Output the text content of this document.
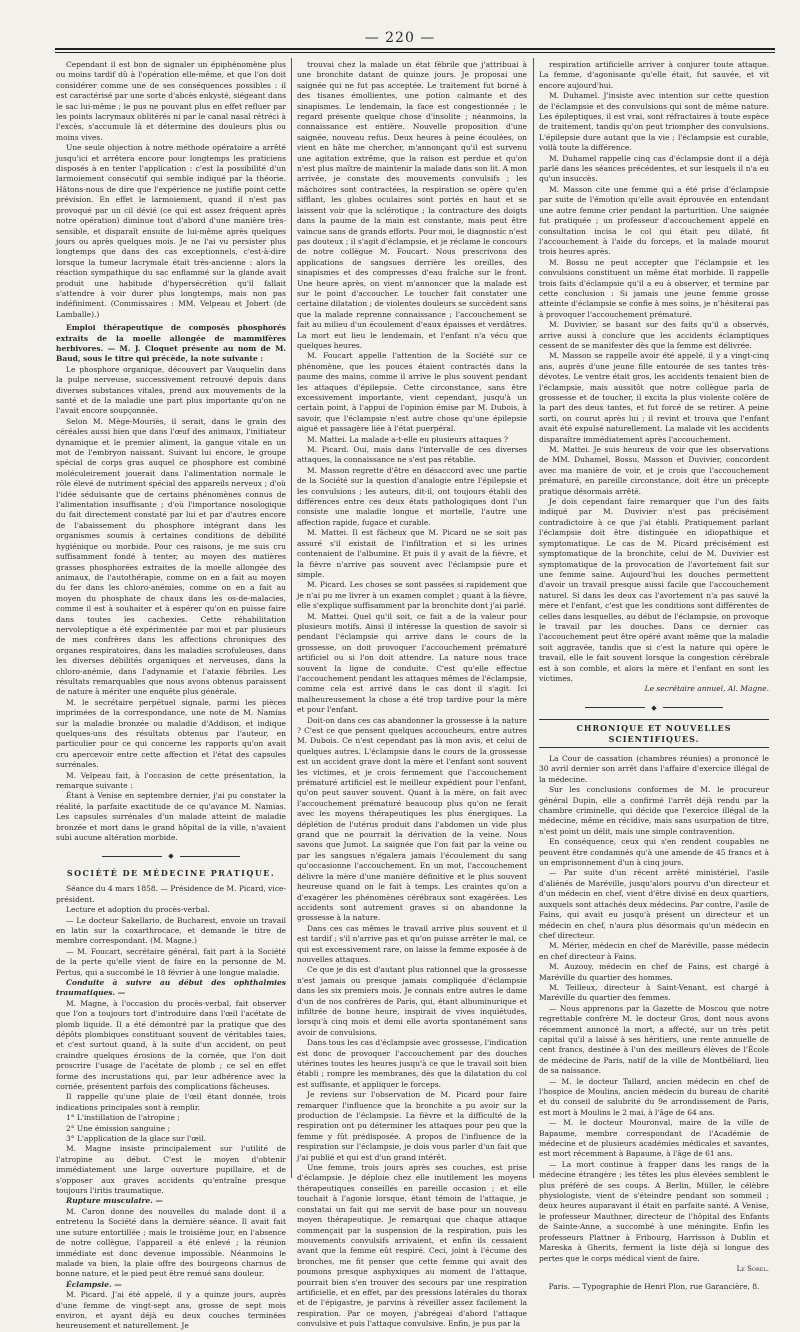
— 220 —

Cependant il est bon de signaler un épiphénomène plus ou moins tardif dû à l'opération elle-même, et que l'on doit considérer comme une de ses conséquences possibles : il est caractérisé par une sorte d'abcès enkysté, siégeant dans le sac lui-même ; le pus ne pouvant plus en effet refluer par les points lacrymaux oblitérés ni par le canal nasal rétréci à l'excès, s'accumule là et détermine des douleurs plus ou moins vives.

Une seule objection à notre méthode opératoire a arrêté jusqu'ici et arrêtera encore pour longtemps les praticiens disposés à en tenter l'application : c'est la possibilité d'un larmoiement consécutif qui semble indiqué par la théorie. Hâtons-nous de dire que l'expérience ne justifie point cette prévision. En effet le larmoiement, quand il n'est pas provoqué par un cil dévié (ce qui est assez fréquent après notre opération) diminue tout d'abord d'une manière très-sensible, et disparaît ensuite de lui-même après quelques jours ou après quelques mois. Je ne l'ai vu persister plus longtemps que dans des cas exceptionnels, c'est-à-dire lorsque la tumeur lacrymale était très-ancienne : alors la réaction sympathique du sac enflammé sur la glande avait produit une habitude d'hypersécrétion qu'il fallait s'attendre à voir durer plus longtemps, mais non pas indéfiniment. (Commissaires : MM. Velpeau et Jobert (de Lamballe).)

Emploi thérapeutique de composés phosphorés extraits de la moelle allongée de mammifères herbivores. — M. J. Cloquet présente au nom de M. Baud, sous le titre qui précède, la note suivante :

Le phosphore organique, découvert par Vauquelin dans la pulpe nerveuse, successivement retrouvé depuis dans diverses substances vitales, prend aux mouvements de la santé et de la maladie une part plus importante qu'on ne l'avait encore soupçonnée.

Selon M. Mège-Mouriès, il serait, dans le grain des céréales aussi bien que dans l'œuf des animaux, l'initiateur dynamique et le premier aliment, la gangue vitale en un mot de l'embryon naissant. Suivant lui encore, le groupe spécial de corps gras auquel ce phosphore est combiné moléculeirement jouerait dans l'alimentation normale le rôle élevé de nutriment spécial des appareils nerveux ; d'où l'idée séduisante que de certains phénomènes connus de l'alimentation insuffisante ; d'où l'importance nosologique du fait directement constaté par lui et par d'autres encore de l'abaissement du phosphore intégrant dans les organismes soumis à certaines conditions de débilité hygiénique ou morbide. Pour ces raisons, je me suis cru suffisamment fondé à tenter, au moyen des matières grasses phosphorées extraites de la moelle allongée des animaux, de l'autothérapie, comme on en a fait au moyen du fer dans les chloro-anémies, comme on en a fait au moyen du phosphate de chaux dans les os-de-malacies, comme il est à souhaiter et à espérer qu'on en puisse faire dans toutes les cachexies. Cette réhabilitation nervoleptique a été expérimentée par moi et par plusieurs de mes confrères dans les affections chroniques des organes respiratoires, dans les maladies scrofuleuses, dans les diverses débilités organiques et nerveuses, dans la chloro-anémie, dans l'adynamie et l'ataxie fébriles. Les résultats remarquables que nous avons obtenus paraissent de nature à mériter une enquête plus générale.

M. le secrétaire perpétuel signale, parmi les pièces imprimées de la correspondance, une note de M. Namias sur la maladie bronzée ou maladie d'Addison, et indique quelques-uns des résultats obtenus par l'auteur, en particulier pour ce qui concerne les rapports qu'on avait cru apercevoir entre cette affection et l'état des capsules surrénales.

M. Velpeau fait, à l'occasion de cette présentation, la remarque suivante :

Étant à Venise en septembre dernier, j'ai pu constater la réalité, la parfaite exactitude de ce qu'avance M. Namias. Les capsules surrénales d'un malade atteint de maladie bronzée et mort dans le grand hôpital de la ville, n'avaient subi aucune altération morbide.

◆

SOCIÉTÉ DE MÉDECINE PRATIQUE.

Séance du 4 mars 1858. — Présidence de M. Picard, vice-président.

Lecture et adoption du procès-verbal.

— Le docteur Sakellario, de Bucharest, envoie un travail en latin sur la coxarthrocace, et demande le titre de membre correspondant. (M. Magne.)

— M. Foucart, secrétaire général, fait part à la Société de la perte qu'elle vient de faire en la personne de M. Pertus, qui a succombé le 18 février à une longue maladie.

Conduite à suivre au début des ophthalmies traumatiques. —

M. Magne, à l'occasion du procès-verbal, fait observer que l'on a toujours tort d'introduire dans l'œil l'acétate de plomb liquide. Il a été démontré par la pratique que des dépôts plombiques constituant souvent de véritables taies, et c'est surtout quand, à la suite d'un accident, on peut craindre quelques érosions de la cornée, que l'on doit proscrire l'usage de l'acétate de plomb ; ce sel en effet forme des incrustations qui, par leur adhérence avec la cornée, présentent parfois des complications fâcheuses.

Il rappelle qu'une plaie de l'œil étant donnée, trois indications principales sont à remplir.

1° L'instillation de l'atropine ;

2° Une émission sanguine ;

3° L'application de la glace sur l'œil.

M. Magne insiste principalement sur l'utilité de l'atropine au début. C'est le moyen d'obtenir immédiatement une large ouverture pupillaire, et de s'opposer aux graves accidents qu'entraîne presque toujours l'iritis traumatique.

Rupture musculaire. —

M. Caron donne des nouvelles du malade dont il a entretenu la Société dans la dernière séance. Il avait fait une suture entortillée ; mais le troisième jour, en l'absence de notre collègue, l'appareil a été enlevé ; la réunion immédiate est donc devenue impossible. Néanmoins le malade va bien, la plaie offre des bourgeons charnus de bonne nature, et le pied peut être remué sans douleur.

Éclampsie. —

M. Picard. J'ai été appelé, il y a quinze jours, auprès d'une femme de vingt-sept ans, grosse de sept mois environ, et ayant déjà eu deux couches terminées heureusement et naturellement. Je

trouvai chez la malade un état fébrile que j'attribuai à une bronchite datant de quinze jours. Je proposai une saignée qui ne fut pas acceptée. Le traitement fut borné à des tisanes émollientes, une potion calmante et des sinapismes. Le lendemain, la face est congestionnée ; le regard présente quelque chose d'insolite ; néanmoins, la connaissance est entière. Nouvelle proposition d'une saignée, nouveau refus. Deux heures à peine écoulées, on vient en hâte me chercher, m'annonçant qu'il est survenu une agitation extrême, que la raison est perdue et qu'on n'est plus maître de maintenir la malade dans son lit. A mon arrivée, je constate des mouvements convulsifs ; les mâchoires sont contractées, la respiration se opère qu'en sifflant, les globes oculaires sont portés en haut et se laissent voir que la sclérotique ; la contracture des doigts dans la paume de la main est constante, mais peut être vaincue sans de grands efforts. Pour moi, le diagnostic n'est pas douteux ; il s'agit d'éclampsie, et je réclame le concours de notre collègue M. Foucart. Nous prescrivons des applications de sangsues derrière les oreilles, des sinapismes et des compresses d'eau fraîche sur le front. Une heure après, on vient m'annoncer que la malade est sur le point d'accoucher. Le toucher fait constater une certaine dilatation ; de violentes douleurs se succèdent sans que la malade reprenne connaissance ; l'accouchement se fait au milieu d'un écoulement d'eaux épaisses et verdâtres. La mort eut lieu le lendemain, et l'enfant n'a vécu que quelques heures.

M. Foucart appelle l'attention de la Société sur ce phénomène, que les pouces étaient contractés dans la paume des mains, comme il arrive le plus souvent pendant les attaques d'épilepsie. Cette circonstance, sans être excessivement importante, vient cependant, jusqu'à un certain point, à l'appui de l'opinion émise par M. Dubois, à savoir, que l'éclampsie n'est autre chose qu'une épilepsie aiguë et passagère liée à l'état puerpéral.

M. Mattei. La malade a-t-elle eu plusieurs attaques ?

M. Picard. Oui, mais dans l'intervalle de ces diverses attaques, la connaissance ne s'est pas rétablie.

M. Masson regrette d'être en désaccord avec une partie de la Société sur la question d'analogie entre l'épilepsie et les convulsions ; les auteurs, dit-il, ont toujours établi des différences entre ces deux états pathologiques dont l'un consiste une maladie longue et mortelle, l'autre une affection rapide, fugace et curable.

M. Mattei. Il est fâcheux que M. Picard ne se soit pas assuré s'il existait de l'infiltration et si les urines contenaient de l'albumine. Et puis il y avait de la fièvre, et la fièvre n'arrive pas souvent avec l'éclampsie pure et simple.

M. Picard. Les choses se sont passées si rapidement que je n'ai pu me livrer à un examen complet ; quant à la fièvre, elle s'explique suffisamment par la bronchite dont j'ai parlé.

M. Mattei. Quel qu'il soit, ce fait a de la valeur pour plusieurs motifs. Ainsi il intéresse la question de savoir si pendant l'éclampsie qui arrive dans le cours de la grossesse, on doit provoquer l'accouchement prématuré artificiel ou si l'on doit attendre. La nature nous trace souvent la ligne de conduite. C'est qu'elle effectue l'accouchement pendant les attaques mêmes de l'éclampsie, comme cela est arrivé dans le cas dont il s'agit. Ici malheureusement la chose a été trop tardive pour la mère et pour l'enfant.

Doit-on dans ces cas abandonner la grossesse à la nature ? C'est ce que pensent quelques accoucheurs, entre autres M. Dubois. Ce n'est cependant pas là mon avis, et celui de quelques autres. L'éclampsie dans le cours de la grossesse est un accident grave dont la mère et l'enfant sont souvent les victimes, et je crois fermement que l'accouchement prématuré artificiel est le meilleur expédient pour l'enfant, qu'on peut sauver souvent. Quant à la mère, on fait avec l'accouchement prématuré beaucoup plus qu'on ne ferait avec les moyens thérapeutiques les plus énergiques. La déplétion de l'utérus produit dans l'abdomen un vide plus grand que ne pourrait la dérivation de la veine. Nous savons que Jumot. La saignée que l'on fait par la veine ou par les sangsues n'égalera jamais l'écoulement du sang qu'occasionne l'accouchement. En un mot, l'accouchement délivre la mère d'une manière définitive et le plus souvent heureuse quand on le fait à temps. Les craintes qu'on a d'exagérer les phénomènes cérébraux sont exagérées. Les accidents sont autrement graves si on abandonne la grossesse à la nature.

Dans ces cas mêmes le travail arrive plus souvent et il est tardif ; s'il n'arrive pas et qu'on puisse arrêter le mal, ce qui est excessivement rare, on laisse la femme exposée à de nouvelles attaques.

Ce que je dis est d'autant plus rationnel que la grossesse n'est jamais ou presque jamais compliquée d'éclampsie dans les six premiers mois. Je connais entre autres le dame d'un de nos confrères de Paris, qui, étant albuminurique et infiltrée de bonne heure, inspirait de vives inquiétudes, lorsqu'à cinq mois et demi elle avorta spontanément sans avoir de convulsions.

Dans tous les cas d'éclampsie avec grossesse, l'indication est donc de provoquer l'accouchement par des douches utérines toutes les heures jusqu'à ce que le travail soit bien établi ; rompre les membranes, dès que la dilatation du col est suffisante, et appliquer le forceps.

Je reviens sur l'observation de M. Picard pour faire remarquer l'influence que la bronchite a pu avoir sur la production de l'éclampsie. La fièvre et la difficulté de la respiration ont pu déterminer les attaques pour peu que la femme y fût prédisposée. A propos de l'influence de la respiration sur l'éclampsie, je dois vous parler d'un fait que j'ai publié et qui est d'un grand intérêt.

Une femme, trois jours après ses couches, est prise d'éclampsie. Je déploie chez elle inutilement les moyens thérapeutiques conseillés en pareille occasion ; et elle touchait à l'agonie lorsque, étant témoin de l'attaque, je constatai un fait qui me servit de base pour un nouveau moyen thérapeutique. Je remarquai que chaque attaque commençait par la suspension de la respiration, puis les mouvements convulsifs arrivaient, et enfin ils cessaient avant que la femme eût respiré. Ceci, joint à l'écume des bronches, me fit penser que cette femme qui avait des poumons presque asphyxiques au moment de l'attaque, pourrait bien s'en trouver des secours par une respiration artificielle, et en effet, par des pressions latérales du thorax et de l'épigastre, je parvins à réveiller assez facilement la respiration. Par ce moyen, j'abrégeai d'abord l'attaque convulsive et puis l'attaque convulsive. Enfin, je pus par la

respiration artificielle arriver à conjurer toute attaque. La femme, d'agonisante qu'elle était, fut sauvée, et vit encore aujourd'hui.

M. Duhamel. J'insiste avec intention sur cette question de l'éclampsie et des convulsions qui sont de même nature. Les épileptiques, il est vrai, sont réfractaires à toute espèce de traitement, tandis qu'on peut triompher des convulsions. L'épilepsie dure autant que la vie ; l'éclampsie est curable, voilà toute la différence.

M. Duhamel rappelle cinq cas d'éclampsie dont il a déjà parlé dans les séances précédentes, et sur lesquels il n'a eu qu'un insuccès.

M. Masson cite une femme qui a été prise d'éclampsie par suite de l'émotion qu'elle avait éprouvée en entendant une autre femme crier pendant la parturition. Une saignée fut pratiquée ; un professeur d'accouchement appelé en consultation incisa le col qui était peu dilaté, fit l'accouchement à l'aide du forceps, et la malade mourut trois heures après.

M. Bossu ne peut accepter que l'éclampsie et les convulsions constituent un même état morbide. Il rappelle trois faits d'éclampsie qu'il a eu à observer, et termine par cette conclusion : Si jamais une jeune femme grosse atteinte d'éclampsie se confie à mes soins, je n'hésiterai pas à provoquer l'accouchement prématuré.

M. Duvivier, se basant sur des faits qu'il a observés, arrive aussi à conclure que les accidents éclamptiques cessent de se manifester dès que la femme est délivrée.

M. Masson se rappelle avoir été appelé, il y a vingt-cinq ans, auprès d'une jeune fille entourée de ses tantes très-dévotes. Le ventre était gros, les accidents tenaient bien de l'éclampsie, mais aussitôt que notre collègue parla de grossesse et de toucher, il excita la plus violente colère de la part des deux tantes, et fut forcé de se retirer. A peine sorti, on courut après lui ; il revint et trouva que l'enfant avait été expulsé naturellement. La malade vit les accidents disparaître immédiatement après l'accouchement.

M. Mattei. Je suis heureux de voir que les observations de MM. Duhamel, Bossu, Masson et Duvivier, concordent avec ma manière de voir, et je crois que l'accouchement prématuré, en pareille circonstance, doit être un précepte pratique désormais arrêté.

Je dois cependant faire remarquer que l'un des faits indiqué par M. Duvivier n'est pas précisément contradictoire à ce que j'ai établi. Pratiquement parlant l'éclampsie doit être distinguée en idiopathique et symptomatique. Le cas de M. Picard précisément est symptomatique de la bronchite, celui de M. Duvivier est symptomatique de la provocation de l'avortement fait sur une femme saine. Aujourd'hui les douches permettent d'avoir un travail presque aussi facile que l'accouchement naturel. Si dans les deux cas l'avortement n'a pas sauvé la mère et l'enfant, c'est que les conditions sont différentes de celles dans lesquelles, au début de l'éclampsie, on provoque le travail par les douches. Dans ce dernier cas l'accouchement peut être opéré avant même que la maladie soit aggravée, tandis que si c'est la nature qui opère le travail, elle le fait souvent lorsque la congestion cérébrale est à son comble, et alors la mère et l'enfant en sont les victimes.

Le secrétaire annuel, Al. Magne.

◆

CHRONIQUE ET NOUVELLES SCIENTIFIQUES.

La Cour de cassation (chambres réunies) a prononcé le 30 avril dernier son arrêt dans l'affaire d'exercice illégal de la médecine.

Sur les conclusions conformes de M. le procureur général Dupin, elle a confirmé l'arrêt déjà rendu par la chambre criminelle, qui décide que l'exercice illégal de la médecine, même en récidive, mais sans usurpation de titre, n'est point un délit, mais une simple contravention.

En conséquence, ceux qui s'en rendent coupables ne peuvent être condamnés qu'à une amende de 45 francs et à un emprisonnement d'un à cinq jours.

— Par suite d'un récent arrêté ministériel, l'asile d'aliénés de Maréville, jusqu'alors pourvu d'un directeur et d'un médecin en chef, vient d'être divisé en deux quartiers, auxquels sont attachés deux médecins. Par contre, l'asile de Fains, qui avait eu jusqu'à présent un directeur et un médecin en chef, n'aura plus désormais qu'un médecin en chef directeur.

M. Mérier, médecin en chef de Maréville, passe médecin en chef directeur à Fains.

M. Auzouy, médecin en chef de Fains, est chargé à Maréville du quartier des hommes.

M. Teilleux, directeur à Saint-Venant, est chargé à Maréville du quartier des femmes.

— Nous apprenons par la Gazette de Moscou que notre regrettable confrère M. le docteur Gros, dont nous avons récemment annoncé la mort, a affecté, sur un très petit capital qu'il a laissé à ses héritiers, une rente annuelle de cent francs, destinée à l'un des meilleurs élèves de l'École de médecine de Paris, natif de la ville de Montbéliard, lieu de sa naissance.

— M. le docteur Tallard, ancien médecin en chef de l'hospice de Moulins, ancien médecin du bureau de charité et du conseil de salubrité du 9e arrondissement de Paris, est mort à Moulins le 2 mai, à l'âge de 64 ans.

— M. le docteur Mouronval, maire de la ville de Bapaume, membre correspondant de l'Académie de médecine et de plusieurs académies médicales et savantes, est mort récemment à Bapaume, à l'âge de 61 ans.

— La mort continue à frapper dans les rangs de la médecine étrangère ; les têtes les plus élevées semblent le plus préféré de ses coups. A Berlin, Müller, le célèbre physiologiste, vient de s'éteindre pendant son sommeil ; deux heures auparavant il était en parfaite santé. A Venise, le professeur Mauthner, directeur de l'hôpital des Enfants de Sainte-Anne, a succombé à une méningite. Enfin les professeurs Plattner à Fribourg, Harrisson à Dublin et Mareska à Gherits, ferment la liste déjà si longue des pertes que le corps médical vient de faire.

Le Sorel.

Paris. — Typographie de Henri Plon, rue Garancière, 8.
